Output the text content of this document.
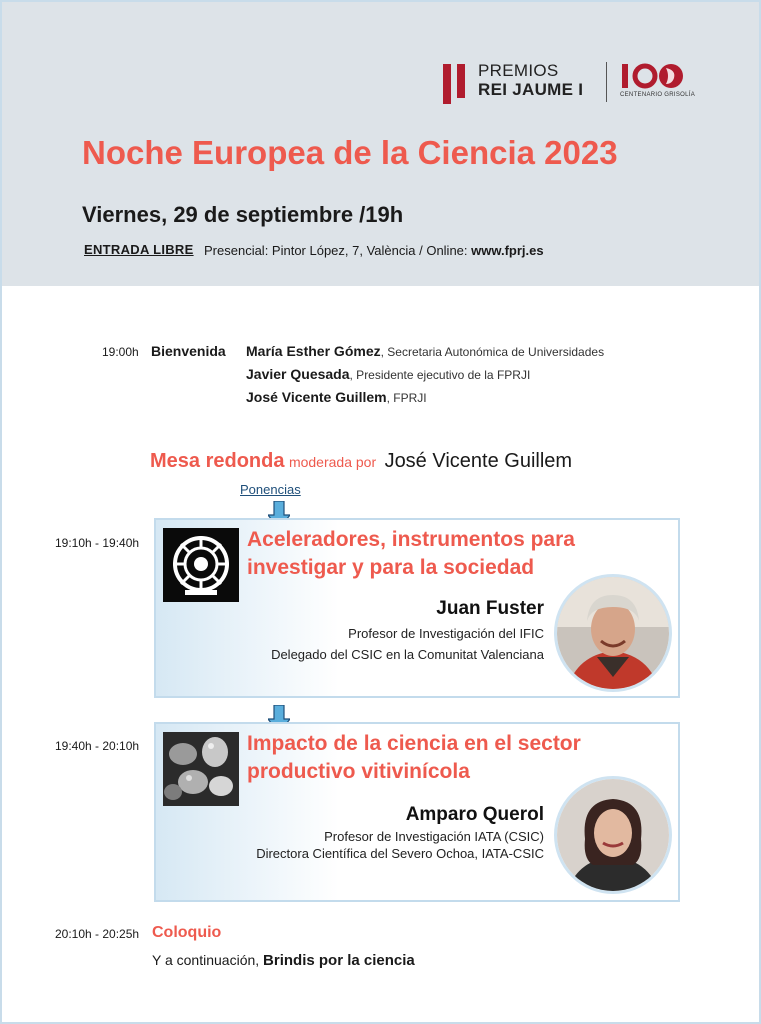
PREMIOS
REI JAUME I	CENTENARIO GRISOLÍA
Noche Europea de la Ciencia 2023
Viernes, 29 de septiembre /19h
ENTRADA LIBRE Presencial: Pintor López, 7, València / Online: www.fprj.es
19:00h Bienvenida María Esther Gómez, Secretaria Autonómica de Universidades
Javier Quesada, Presidente ejecutivo de la FPRJI
José Vicente Guillem, FPRJI
Mesa redonda moderada por José Vicente Guillem
Ponencias
19:10h - 19:40h	Aceleradores, instrumentos para
investigar y para la sociedad
Juan Fuster
Profesor de Investigación del IFIC
Delegado del CSIC en la Comunitat Valenciana
19:40h - 20:10h	Impacto de la ciencia en el sector
productivo vitivinícola
Amparo Querol
Profesor de Investigación IATA (CSIC)
Directora Científica del Severo Ochoa, IATA-CSIC
20:10h - 20:25h Coloquio
Y a continuación, Brindis por la ciencia
